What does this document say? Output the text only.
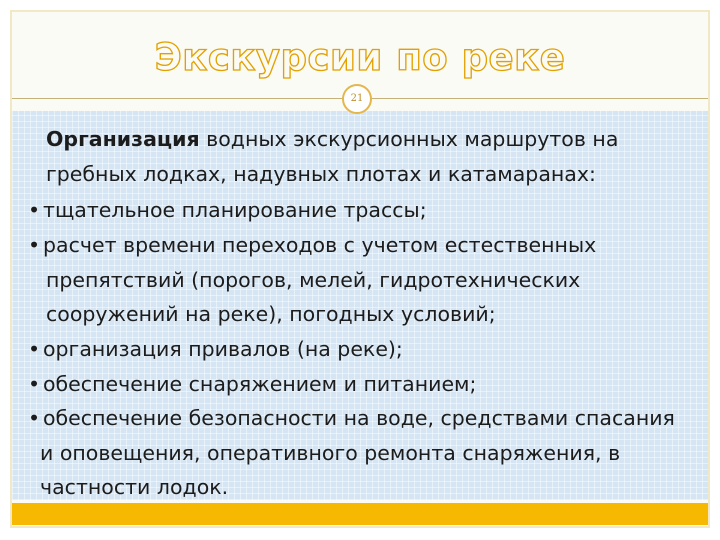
Экскурсии по реке
21
Организация водных экскурсионных маршрутов на
гребных лодках, надувных плотах и катамаранах:
• тщательное планирование трассы;
• расчет времени переходов с учетом естественных
препятствий (порогов, мелей, гидротехнических
сооружений на реке), погодных условий;
• организация привалов (на реке);
• обеспечение снаряжением и питанием;
• обеспечение безопасности на воде, средствами спасания
и оповещения, оперативного ремонта снаряжения, в
частности лодок.
